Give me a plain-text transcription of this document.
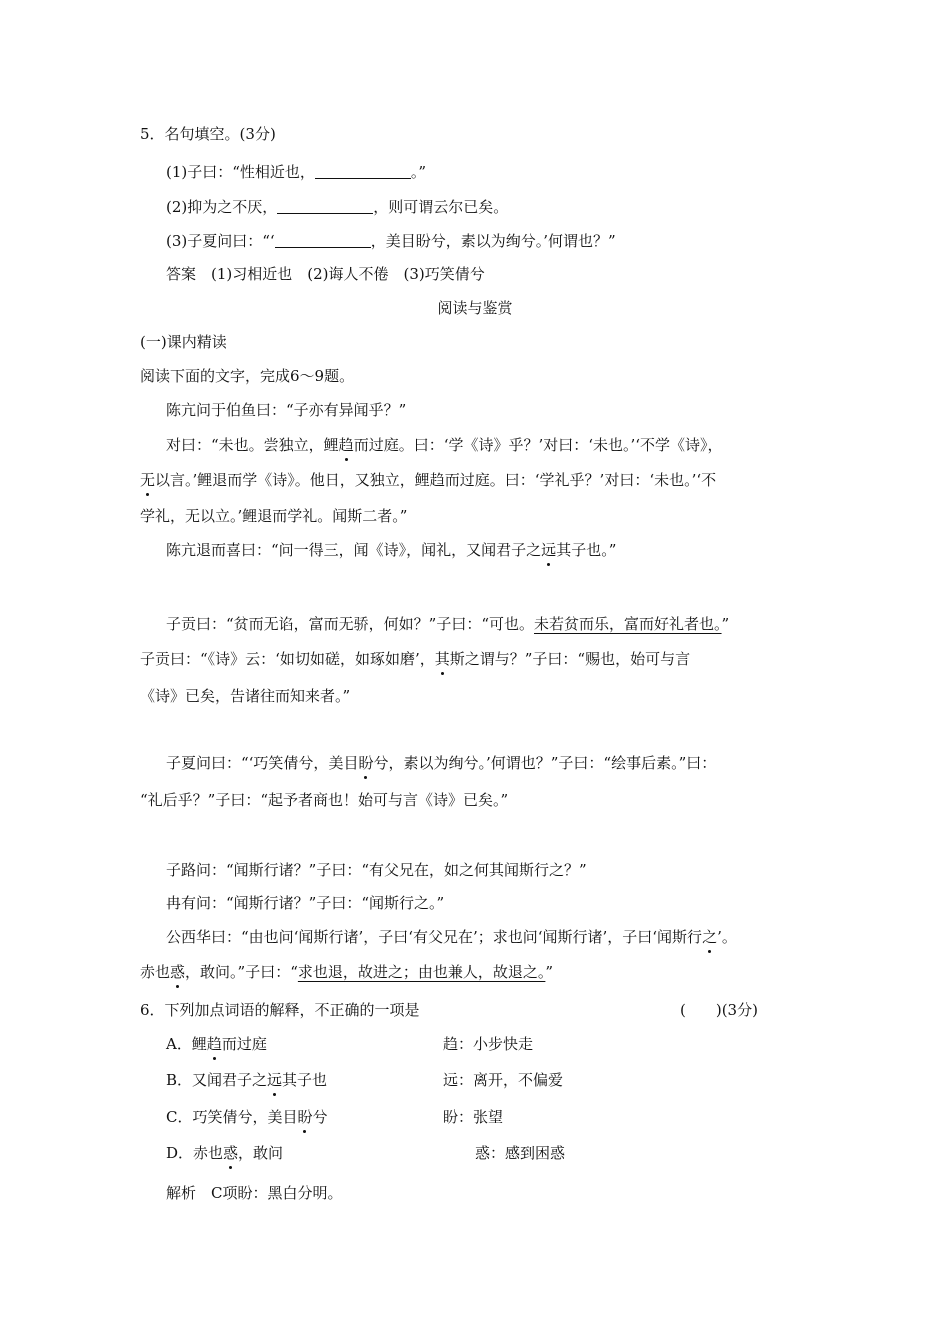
5．名句填空。(3分)
(1)子曰：“性相近也，	。”
(2)抑为之不厌，	，则可谓云尔已矣。
(3)子夏问曰：“‘	，美目盼兮，素以为绚兮。’何谓也？”
答案　(1)习相近也　(2)诲人不倦　(3)巧笑倩兮
阅读与鉴赏
(一)课内精读
阅读下面的文字，完成6～9题。
陈亢问于伯鱼曰：“子亦有异闻乎？”
对曰：“未也。尝独立，鲤趋而过庭。曰：‘学《诗》乎？’对曰：‘未也。’‘不学《诗》，
无以言。’鲤退而学《诗》。他日，又独立，鲤趋而过庭。曰：‘学礼乎？’对曰：‘未也。’‘不
学礼，无以立。’鲤退而学礼。闻斯二者。”
陈亢退而喜曰：“问一得三，闻《诗》，闻礼，又闻君子之远其子也。”
子贡曰：“贫而无谄，富而无骄，何如？”子曰：“可也。未若贫而乐，富而好礼者也。”
子贡曰：“《诗》云：‘如切如磋，如琢如磨’，其斯之谓与？”子曰：“赐也，始可与言
《诗》已矣，告诸往而知来者。”
子夏问曰：“‘巧笑倩兮，美目盼兮，素以为绚兮。’何谓也？”子曰：“绘事后素。”曰：
“礼后乎？”子曰：“起予者商也！始可与言《诗》已矣。”
子路问：“闻斯行诸？”子曰：“有父兄在，如之何其闻斯行之？”
冉有问：“闻斯行诸？”子曰：“闻斯行之。”
公西华曰：“由也问‘闻斯行诸’，子曰‘有父兄在’；求也问‘闻斯行诸’，子曰‘闻斯行之’。
赤也惑，敢问。”子曰：“求也退，故进之；由也兼人，故退之。”
6．下列加点词语的解释，不正确的一项是	(　　)(3分)
A．鲤趋而过庭	趋：小步快走
B．又闻君子之远其子也	远：离开，不偏爱
C．巧笑倩兮，美目盼兮	盼：张望
D．赤也惑，敢问	惑：感到困惑
解析　C项盼：黑白分明。
